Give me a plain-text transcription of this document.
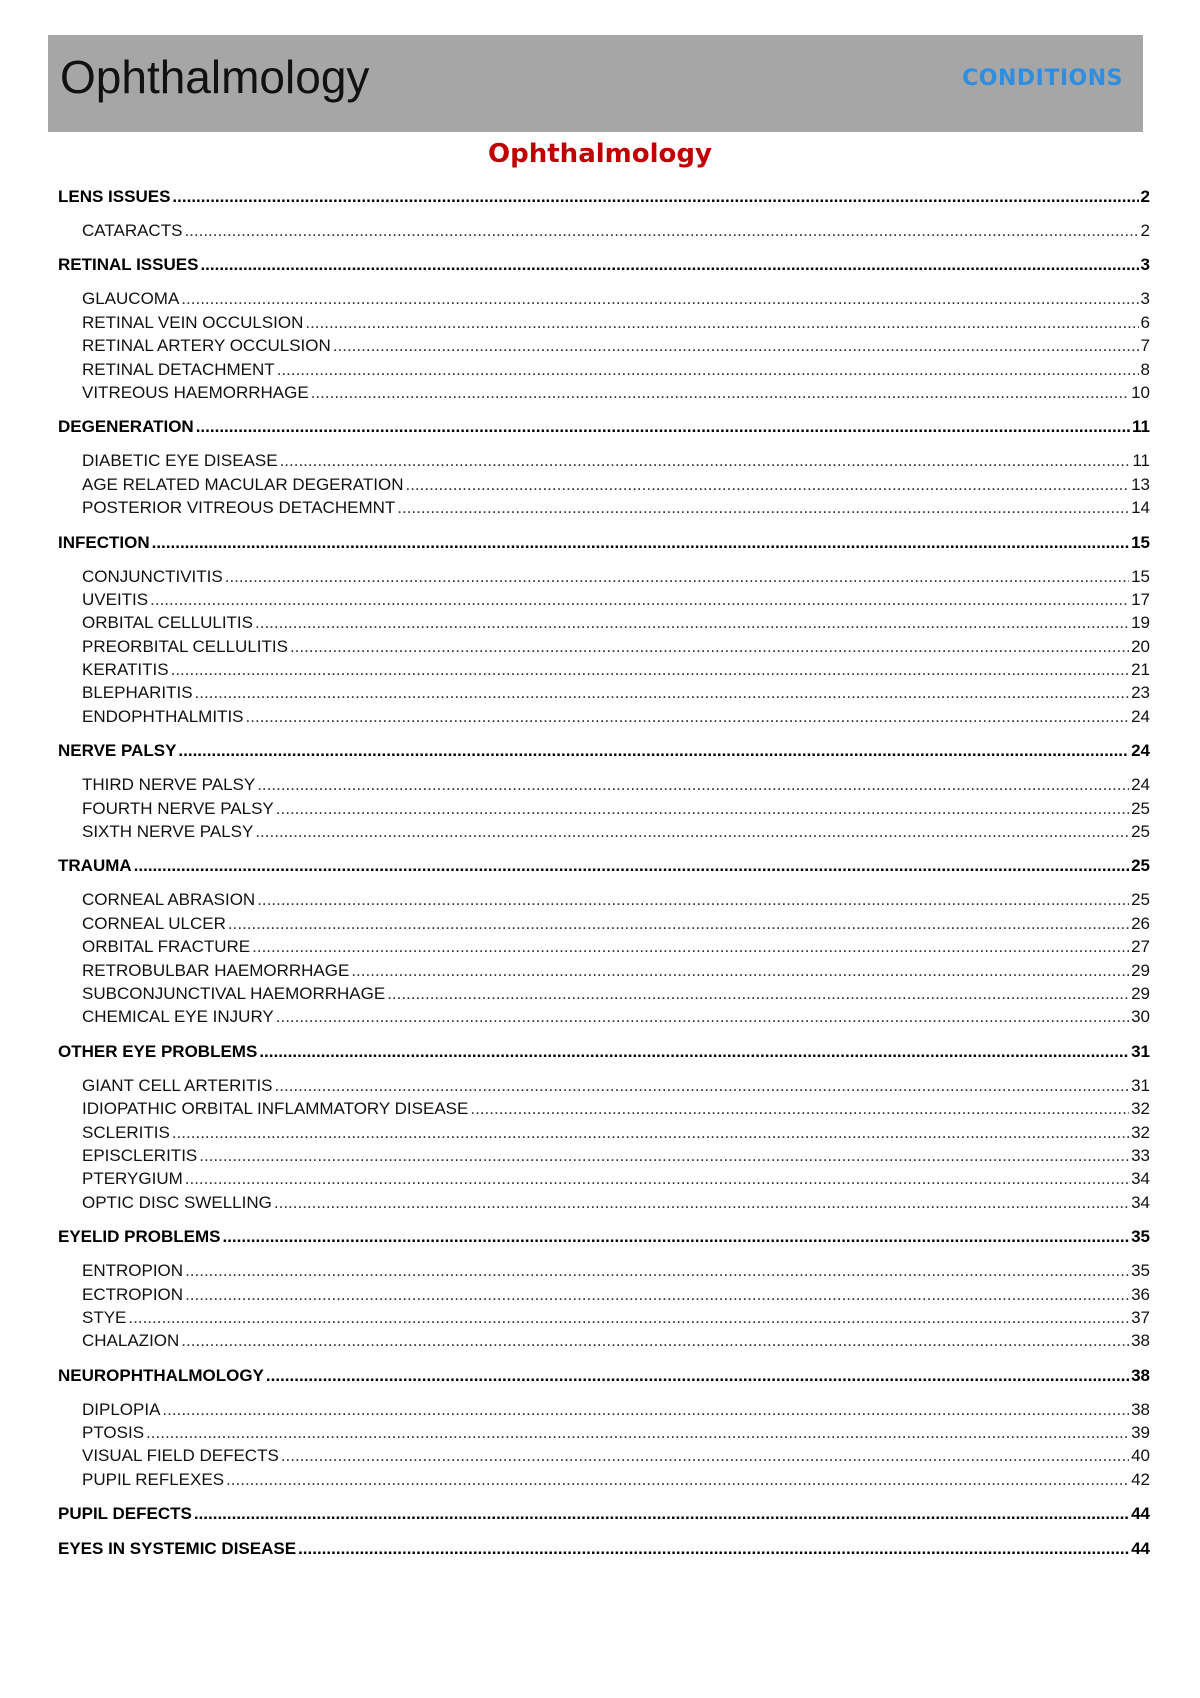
Ophthalmology	CONDITIONS
Ophthalmology
LENS ISSUES .....	2
CATARACTS .....	2
RETINAL ISSUES .....	3
GLAUCOMA .....	3
RETINAL VEIN OCCULSION .....	6
RETINAL ARTERY OCCULSION .....	7
RETINAL DETACHMENT .....	8
VITREOUS HAEMORRHAGE .....	10
DEGENERATION .....	11
DIABETIC EYE DISEASE .....	11
AGE RELATED MACULAR DEGERATION .....	13
POSTERIOR VITREOUS DETACHEMNT .....	14
INFECTION .....	15
CONJUNCTIVITIS .....	15
UVEITIS .....	17
ORBITAL CELLULITIS .....	19
PREORBITAL CELLULITIS .....	20
KERATITIS .....	21
BLEPHARITIS .....	23
ENDOPHTHALMITIS .....	24
NERVE PALSY .....	24
THIRD NERVE PALSY .....	24
FOURTH NERVE PALSY .....	25
SIXTH NERVE PALSY .....	25
TRAUMA .....	25
CORNEAL ABRASION .....	25
CORNEAL ULCER .....	26
ORBITAL FRACTURE .....	27
RETROBULBAR HAEMORRHAGE .....	29
SUBCONJUNCTIVAL HAEMORRHAGE .....	29
CHEMICAL EYE INJURY .....	30
OTHER EYE PROBLEMS .....	31
GIANT CELL ARTERITIS .....	31
IDIOPATHIC ORBITAL INFLAMMATORY DISEASE .....	32
SCLERITIS .....	32
EPISCLERITIS .....	33
PTERYGIUM .....	34
OPTIC DISC SWELLING .....	34
EYELID PROBLEMS .....	35
ENTROPION .....	35
ECTROPION .....	36
STYE .....	37
CHALAZION .....	38
NEUROPHTHALMOLOGY .....	38
DIPLOPIA .....	38
PTOSIS .....	39
VISUAL FIELD DEFECTS .....	40
PUPIL REFLEXES .....	42
PUPIL DEFECTS .....	44
EYES IN SYSTEMIC DISEASE .....	44
